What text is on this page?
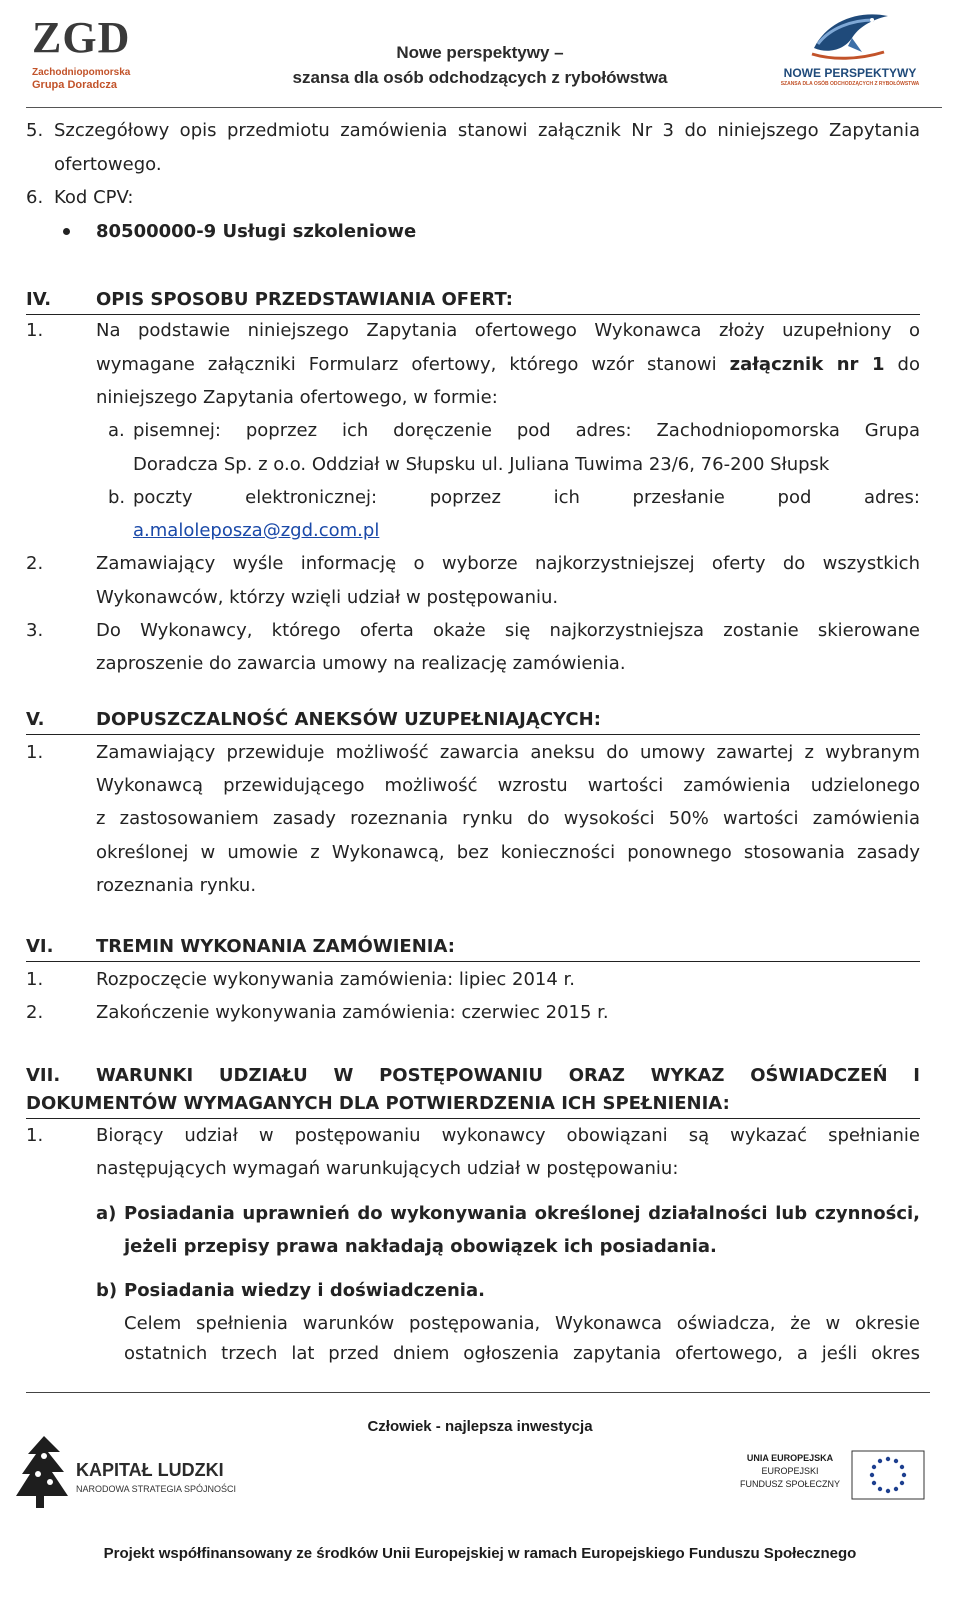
ZGD
Zachodniopomorska
Grupa Doradcza
Nowe perspektywy –
szansa dla osób odchodzących z rybołówstwa	NOWE PERSPEKTYWY
SZANSA DLA OSÓB ODCHODZĄCYCH Z RYBOŁÓWSTWA
5. Szczegółowy opis przedmiotu zamówienia stanowi załącznik Nr 3 do niniejszego Zapytania
ofertowego.
6. Kod CPV:
80500000-9 Usługi szkoleniowe
IV. OPIS SPOSOBU PRZEDSTAWIANIA OFERT:
1.	Na podstawie niniejszego Zapytania ofertowego Wykonawca złoży uzupełniony o
wymagane załączniki Formularz ofertowy, którego wzór stanowi załącznik nr 1 do
niniejszego Zapytania ofertowego, w formie:
a. pisemnej: poprzez ich doręczenie pod adres: Zachodniopomorska Grupa
Doradcza Sp. z o.o. Oddział w Słupsku ul. Juliana Tuwima 23/6, 76-200 Słupsk
b. poczty elektronicznej: poprzez ich przesłanie pod adres:
a.maloleposza@zgd.com.pl
2.	Zamawiający wyśle informację o wyborze najkorzystniejszej oferty do wszystkich
Wykonawców, którzy wzięli udział w postępowaniu.
3.	Do Wykonawcy, którego oferta okaże się najkorzystniejsza zostanie skierowane
zaproszenie do zawarcia umowy na realizację zamówienia.
V.	DOPUSZCZALNOŚĆ ANEKSÓW UZUPEŁNIAJĄCYCH:
1.	Zamawiający przewiduje możliwość zawarcia aneksu do umowy zawartej z wybranym
Wykonawcą przewidującego możliwość wzrostu wartości zamówienia udzielonego
z zastosowaniem zasady rozeznania rynku do wysokości 50% wartości zamówienia
określonej w umowie z Wykonawcą, bez konieczności ponownego stosowania zasady
rozeznania rynku.
VI. TREMIN WYKONANIA ZAMÓWIENIA:
1.	Rozpoczęcie wykonywania zamówienia: lipiec 2014 r.
2.	Zakończenie wykonywania zamówienia: czerwiec 2015 r.
VII. WARUNKI UDZIAŁU W POSTĘPOWANIU ORAZ WYKAZ OŚWIADCZEŃ I
DOKUMENTÓW WYMAGANYCH DLA POTWIERDZENIA ICH SPEŁNIENIA:
1.	Biorący udział w postępowaniu wykonawcy obowiązani są wykazać spełnianie
następujących wymagań warunkujących udział w postępowaniu:
a) Posiadania uprawnień do wykonywania określonej działalności lub czynności,
jeżeli przepisy prawa nakładają obowiązek ich posiadania.
b) Posiadania wiedzy i doświadczenia.
Celem spełnienia warunków postępowania, Wykonawca oświadcza, że w okresie
ostatnich trzech lat przed dniem ogłoszenia zapytania ofertowego, a jeśli okres
Człowiek - najlepsza inwestycja
KAPITAŁ LUDZKI
NARODOWA STRATEGIA SPÓJNOŚCI
UNIA EUROPEJSKA
EUROPEJSKI
FUNDUSZ SPOŁECZNY
Projekt współfinansowany ze środków Unii Europejskiej w ramach Europejskiego Funduszu Społecznego
